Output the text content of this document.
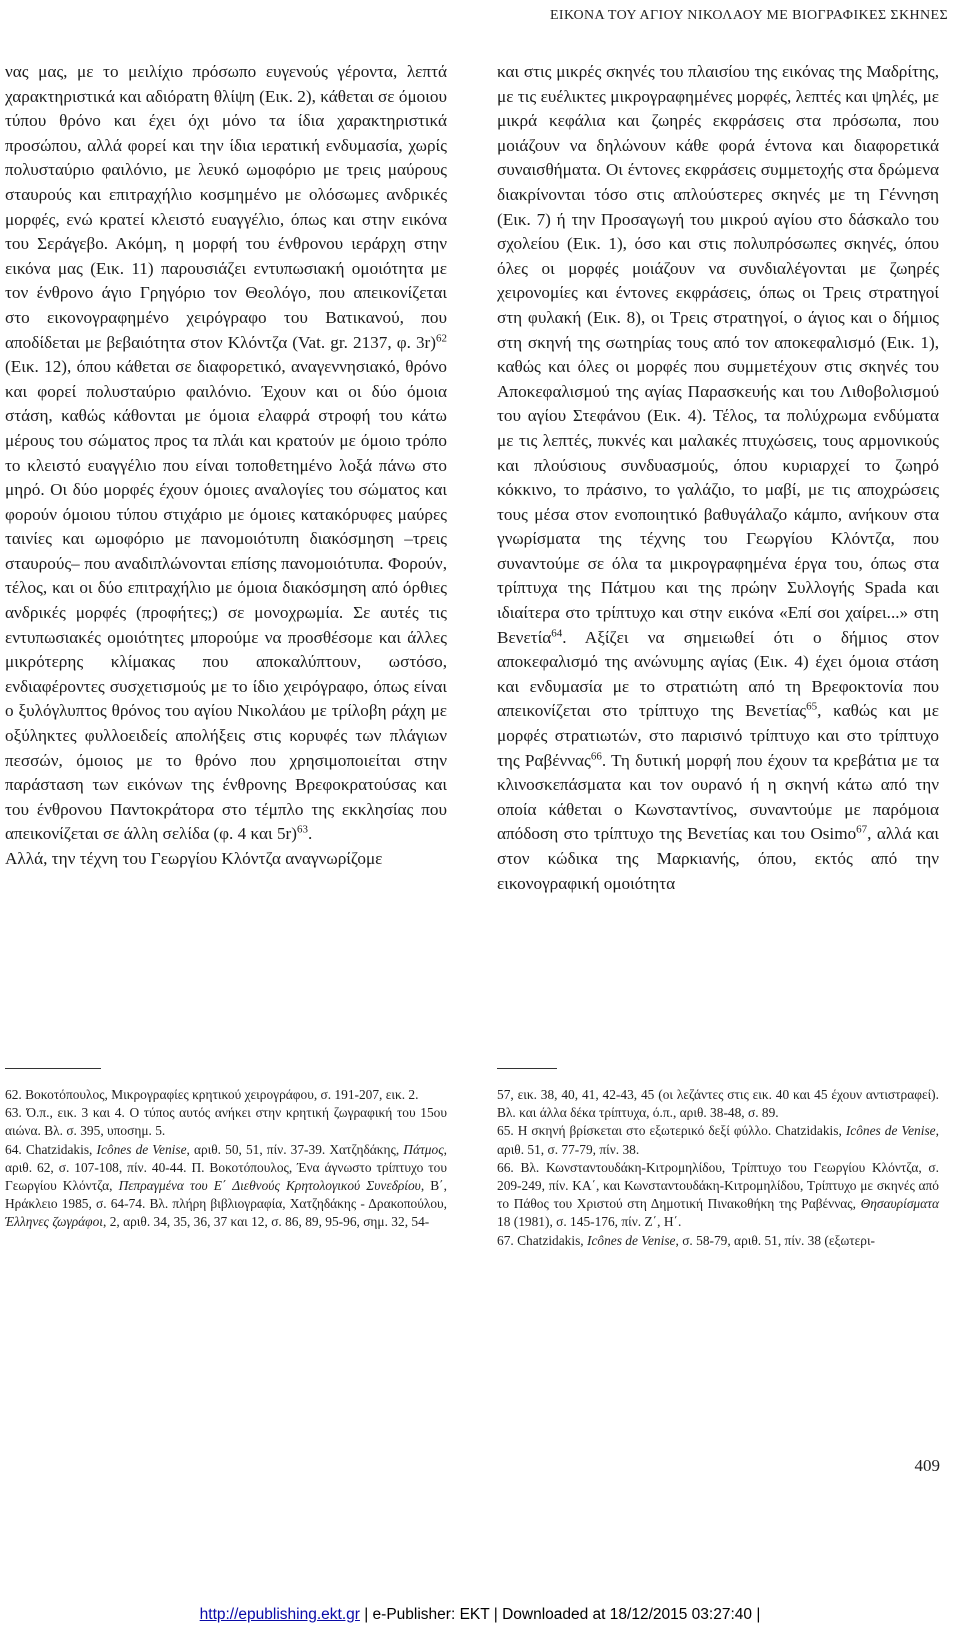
ΕΙΚΟΝΑ ΤΟΥ ΑΓΙΟΥ ΝΙΚΟΛΑΟΥ ΜΕ ΒΙΟΓΡΑΦΙΚΕΣ ΣΚΗΝΕΣ

νας μας, με το μειλίχιο πρόσωπο ευγενούς γέροντα, λεπτά χαρακτηριστικά και αδιόρατη θλίψη (Εικ. 2), κάθεται σε όμοιου τύπου θρόνο και έχει όχι μόνο τα ίδια χαρακτηριστικά προσώπου, αλλά φορεί και την ίδια ιερατική ενδυμασία, χωρίς πολυσταύριο φαιλόνιο, με λευκό ωμοφόριο με τρεις μαύρους σταυρούς και επιτραχήλιο κοσμημένο με ολόσωμες ανδρικές μορφές, ενώ κρατεί κλειστό ευαγγέλιο, όπως και στην εικόνα του Σεράγεβο. Ακόμη, η μορφή του ένθρονου ιεράρχη στην εικόνα μας (Εικ. 11) παρουσιάζει εντυπωσιακή ομοιότητα με τον ένθρονο άγιο Γρηγόριο τον Θεολόγο, που απεικονίζεται στο εικονογραφημένο χειρόγραφο του Βατικανού, που αποδίδεται με βεβαιότητα στον Κλόντζα (Vat. gr. 2137, φ. 3r)$^{62}$ (Εικ. 12), όπου κάθεται σε διαφορετικό, αναγεννησιακό, θρόνο και φορεί πολυσταύριο φαιλόνιο. Έχουν και οι δύο όμοια στάση, καθώς κάθονται με όμοια ελαφρά στροφή του κάτω μέρους του σώματος προς τα πλάι και κρατούν με όμοιο τρόπο το κλειστό ευαγγέλιο που είναι τοποθετημένο λοξά πάνω στο μηρό. Οι δύο μορφές έχουν όμοιες αναλογίες του σώματος και φορούν όμοιου τύπου στιχάριο με όμοιες κατακόρυφες μαύρες ταινίες και ωμοφόριο με πανομοιότυπη διακόσμηση –τρεις σταυρούς– που αναδιπλώνονται επίσης πανομοιότυπα. Φορούν, τέλος, και οι δύο επιτραχήλιο με όμοια διακόσμηση από όρθιες ανδρικές μορφές (προφήτες;) σε μονοχρωμία. Σε αυτές τις εντυπωσιακές ομοιότητες μπορούμε να προσθέσομε και άλλες μικρότερης κλίμακας που αποκαλύπτουν, ωστόσο, ενδιαφέροντες συσχετισμούς με το ίδιο χειρόγραφο, όπως είναι ο ξυλόγλυπτος θρόνος του αγίου Νικολάου με τρίλοβη ράχη με οξύληκτες φυλλοειδείς απολήξεις στις κορυφές των πλάγιων πεσσών, όμοιος με το θρόνο που χρησιμοποιείται στην παράσταση των εικόνων της ένθρονης Βρεφοκρατούσας και του ένθρονου Παντοκράτορα στο τέμπλο της εκκλησίας που απεικονίζεται σε άλλη σελίδα (φ. 4 και 5r)$^{63}$.

Αλλά, την τέχνη του Γεωργίου Κλόντζα αναγνωρίζομε

και στις μικρές σκηνές του πλαισίου της εικόνας της Μαδρίτης, με τις ευέλικτες μικρογραφημένες μορφές, λεπτές και ψηλές, με μικρά κεφάλια και ζωηρές εκφράσεις στα πρόσωπα, που μοιάζουν να δηλώνουν κάθε φορά έντονα και διαφορετικά συναισθήματα. Οι έντονες εκφράσεις συμμετοχής στα δρώμενα διακρίνονται τόσο στις απλούστερες σκηνές με τη Γέννηση (Εικ. 7) ή την Προσαγωγή του μικρού αγίου στο δάσκαλο του σχολείου (Εικ. 1), όσο και στις πολυπρόσωπες σκηνές, όπου όλες οι μορφές μοιάζουν να συνδιαλέγονται με ζωηρές χειρονομίες και έντονες εκφράσεις, όπως οι Τρεις στρατηγοί στη φυλακή (Εικ. 8), οι Τρεις στρατηγοί, ο άγιος και ο δήμιος στη σκηνή της σωτηρίας τους από τον αποκεφαλισμό (Εικ. 1), καθώς και όλες οι μορφές που συμμετέχουν στις σκηνές του Αποκεφαλισμού της αγίας Παρασκευής και του Λιθοβολισμού του αγίου Στεφάνου (Εικ. 4). Τέλος, τα πολύχρωμα ενδύματα με τις λεπτές, πυκνές και μαλακές πτυχώσεις, τους αρμονικούς και πλούσιους συνδυασμούς, όπου κυριαρχεί το ζωηρό κόκκινο, το πράσινο, το γαλάζιο, το μαβί, με τις αποχρώσεις τους μέσα στον ενοποιητικό βαθυγάλαζο κάμπο, ανήκουν στα γνωρίσματα της τέχνης του Γεωργίου Κλόντζα, που συναντούμε σε όλα τα μικρογραφημένα έργα του, όπως στα τρίπτυχα της Πάτμου και της πρώην Συλλογής Spada και ιδιαίτερα στο τρίπτυχο και στην εικόνα «Επί σοι χαίρει...» στη Βενετία$^{64}$. Αξίζει να σημειωθεί ότι ο δήμιος στον αποκεφαλισμό της ανώνυμης αγίας (Εικ. 4) έχει όμοια στάση και ενδυμασία με το στρατιώτη από τη Βρεφοκτονία που απεικονίζεται στο τρίπτυχο της Βενετίας$^{65}$, καθώς και με μορφές στρατιωτών, στο παρισινό τρίπτυχο και στο τρίπτυχο της Ραβέννας$^{66}$. Τη δυτική μορφή που έχουν τα κρεβάτια με τα κλινοσκεπάσματα και τον ουρανό ή η σκηνή κάτω από την οποία κάθεται ο Κωνσταντίνος, συναντούμε με παρόμοια απόδοση στο τρίπτυχο της Βενετίας και του Osimo$^{67}$, αλλά και στον κώδικα της Μαρκιανής, όπου, εκτός από την εικονογραφική ομοιότητα

62. Βοκοτόπουλος, Μικρογραφίες κρητικού χειρογράφου, σ. 191-207, εικ. 2.

63. Ό.π., εικ. 3 και 4. Ο τύπος αυτός ανήκει στην κρητική ζωγραφική του 15ου αιώνα. Βλ. σ. 395, υποσημ. 5.

64. Chatzidakis, Icônes de Venise, αριθ. 50, 51, πίν. 37-39. Χατζηδάκης, Πάτμος, αριθ. 62, σ. 107-108, πίν. 40-44. Π. Βοκοτόπουλος, Ένα άγνωστο τρίπτυχο του Γεωργίου Κλόντζα, Πεπραγμένα του Ε΄ Διεθνούς Κρητολογικού Συνεδρίου, Β΄, Ηράκλειο 1985, σ. 64-74. Βλ. πλήρη βιβλιογραφία, Χατζηδάκης - Δρακοπούλου, Έλληνες ζωγράφοι, 2, αριθ. 34, 35, 36, 37 και 12, σ. 86, 89, 95-96, σημ. 32, 54-

57, εικ. 38, 40, 41, 42-43, 45 (οι λεζάντες στις εικ. 40 και 45 έχουν αντιστραφεί). Βλ. και άλλα δέκα τρίπτυχα, ό.π., αριθ. 38-48, σ. 89.

65. Η σκηνή βρίσκεται στο εξωτερικό δεξί φύλλο. Chatzidakis, Icônes de Venise, αριθ. 51, σ. 77-79, πίν. 38.

66. Βλ. Κωνσταντουδάκη-Κιτρομηλίδου, Τρίπτυχο του Γεωργίου Κλόντζα, σ. 209-249, πίν. ΚΑ΄, και Κωνσταντουδάκη-Κιτρομηλίδου, Τρίπτυχο με σκηνές από το Πάθος του Χριστού στη Δημοτική Πινακοθήκη της Ραβέννας, Θησαυρίσματα 18 (1981), σ. 145-176, πίν. Ζ΄, Η΄.

67. Chatzidakis, Icônes de Venise, σ. 58-79, αριθ. 51, πίν. 38 (εξωτερι-

409
http://epublishing.ekt.gr | e-Publisher: EKT | Downloaded at 18/12/2015 03:27:40 |
